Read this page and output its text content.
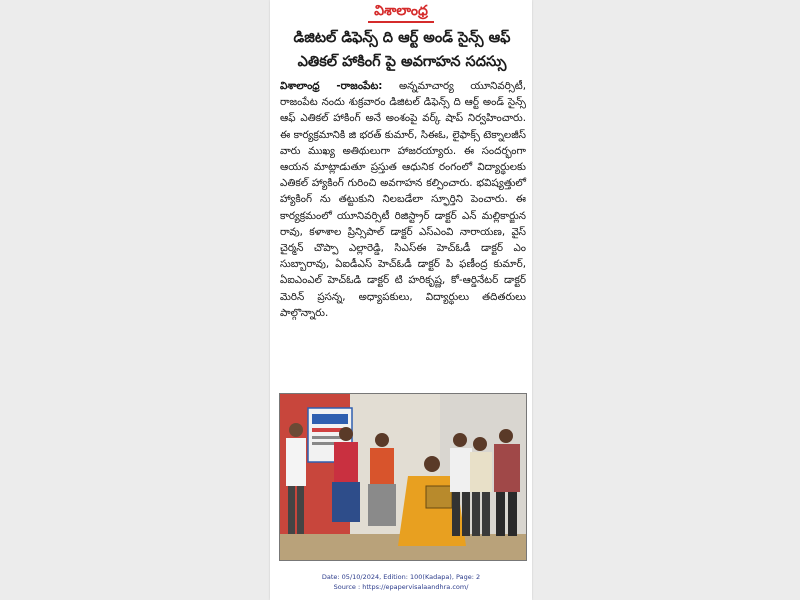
విశాలాంధ్ర
డిజిటల్ డిఫెన్స్ ది ఆర్ట్ అండ్ సైన్స్ ఆఫ్
ఎతికల్ హాకింగ్ పై అవగాహన సదస్సు
విశాలాంధ్ర -రాజంపేట: అన్నమాచార్య యూనివర్సిటీ, రాజంపేట నందు శుక్రవారం డిజిటల్ డిఫెన్స్ ది ఆర్ట్ అండ్ సైన్స్ ఆఫ్ ఎతికల్ హాకింగ్ అనే అంశంపై వర్క్ షాప్ నిర్వహించారు. ఈ కార్యక్రమానికి జి భరత్ కుమార్, సిఈఓ, లైఫాక్స్ టెక్నాలజీస్ వారు ముఖ్య అతిథులుగా హాజరయ్యారు. ఈ సందర్భంగా ఆయన మాట్లాడుతూ ప్రస్తుత ఆధునిక రంగంలో విద్యార్థులకు ఎతికల్ హ్యాకింగ్ గురించి అవగాహన కల్పించారు. భవిష్యత్తులో హ్యాకింగ్ ను తట్టుకుని నిలబడేలా స్ఫూర్తిని పెంచారు. ఈ కార్యక్రమంలో యూనివర్సిటీ రిజిస్ట్రార్ డాక్టర్ ఎన్ మల్లికార్జున రావు, కళాశాల ప్రిన్సిపాల్ డాక్టర్ ఎస్ఎంవి నారాయణ, వైస్ చైర్మన్ చొప్పా ఎల్లారెడ్డి, సిఎస్ఈ హెచ్ఓడీ డాక్టర్ ఎం సుబ్బారావు, ఏఐడీఎస్ హెచ్ఓడీ డాక్టర్ పి ఫణీంద్ర కుమార్, ఏఐఎంఎల్ హెచ్ఓడి డాక్టర్ టి హరికృష్ణ, కో-ఆర్డినేటర్ డాక్టర్ మెరిన్ ప్రసన్న, అధ్యాపకులు, విద్యార్థులు తదితరులు పాల్గొన్నారు.
Date: 05/10/2024, Edition: 100(Kadapa), Page: 2
Source : https://epapervisalaandhra.com/
